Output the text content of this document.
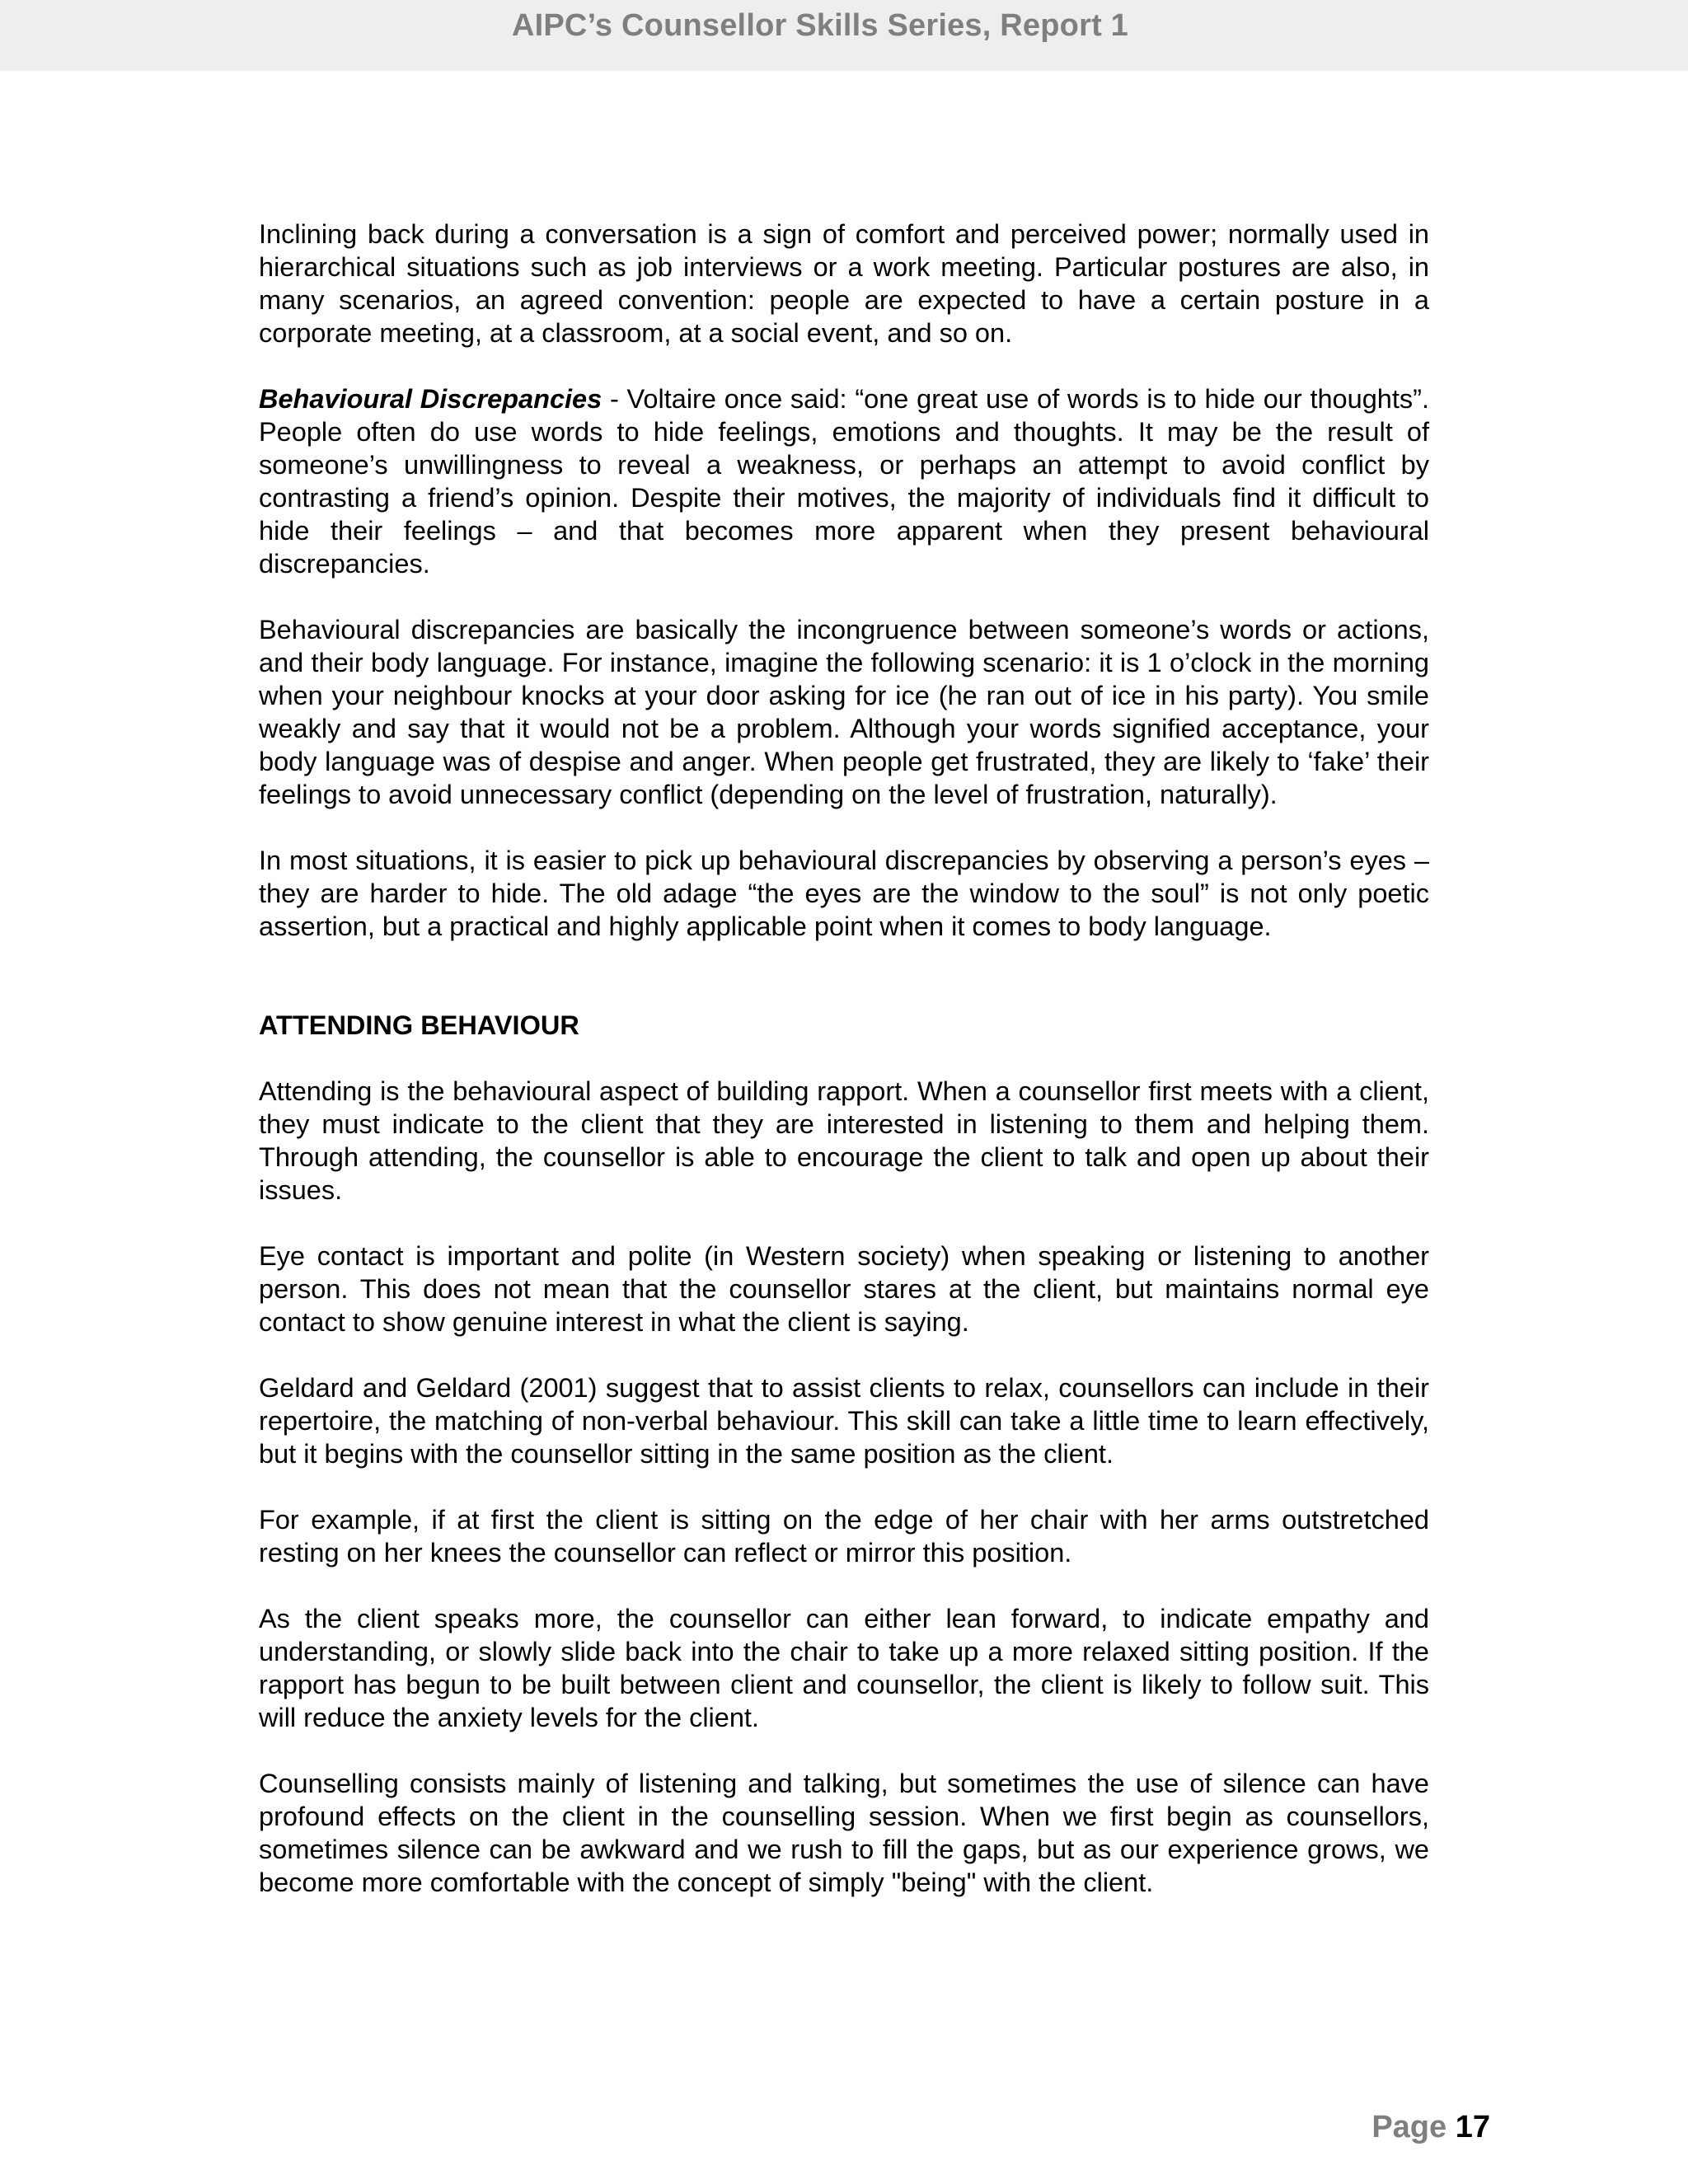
AIPC’s Counsellor Skills Series, Report 1

Inclining back during a conversation is a sign of comfort and perceived power; normally used in hierarchical situations such as job interviews or a work meeting. Particular postures are also, in many scenarios, an agreed convention: people are expected to have a certain posture in a corporate meeting, at a classroom, at a social event, and so on.

Behavioural Discrepancies - Voltaire once said: “one great use of words is to hide our thoughts”. People often do use words to hide feelings, emotions and thoughts. It may be the result of someone’s unwillingness to reveal a weakness, or perhaps an attempt to avoid conflict by contrasting a friend’s opinion. Despite their motives, the majority of individuals find it difficult to hide their feelings – and that becomes more apparent when they present behavioural discrepancies.

Behavioural discrepancies are basically the incongruence between someone’s words or actions, and their body language. For instance, imagine the following scenario: it is 1 o’clock in the morning when your neighbour knocks at your door asking for ice (he ran out of ice in his party). You smile weakly and say that it would not be a problem. Although your words signified acceptance, your body language was of despise and anger. When people get frustrated, they are likely to ‘fake’ their feelings to avoid unnecessary conflict (depending on the level of frustration, naturally).

In most situations, it is easier to pick up behavioural discrepancies by observing a person’s eyes – they are harder to hide. The old adage “the eyes are the window to the soul” is not only poetic assertion, but a practical and highly applicable point when it comes to body language.

ATTENDING BEHAVIOUR

Attending is the behavioural aspect of building rapport. When a counsellor first meets with a client, they must indicate to the client that they are interested in listening to them and helping them. Through attending, the counsellor is able to encourage the client to talk and open up about their issues.

Eye contact is important and polite (in Western society) when speaking or listening to another person. This does not mean that the counsellor stares at the client, but maintains normal eye contact to show genuine interest in what the client is saying.

Geldard and Geldard (2001) suggest that to assist clients to relax, counsellors can include in their repertoire, the matching of non-verbal behaviour. This skill can take a little time to learn effectively, but it begins with the counsellor sitting in the same position as the client.

For example, if at first the client is sitting on the edge of her chair with her arms outstretched resting on her knees the counsellor can reflect or mirror this position.

As the client speaks more, the counsellor can either lean forward, to indicate empathy and understanding, or slowly slide back into the chair to take up a more relaxed sitting position. If the rapport has begun to be built between client and counsellor, the client is likely to follow suit. This will reduce the anxiety levels for the client.

Counselling consists mainly of listening and talking, but sometimes the use of silence can have profound effects on the client in the counselling session. When we first begin as counsellors, sometimes silence can be awkward and we rush to fill the gaps, but as our experience grows, we become more comfortable with the concept of simply "being" with the client.

Page 17
